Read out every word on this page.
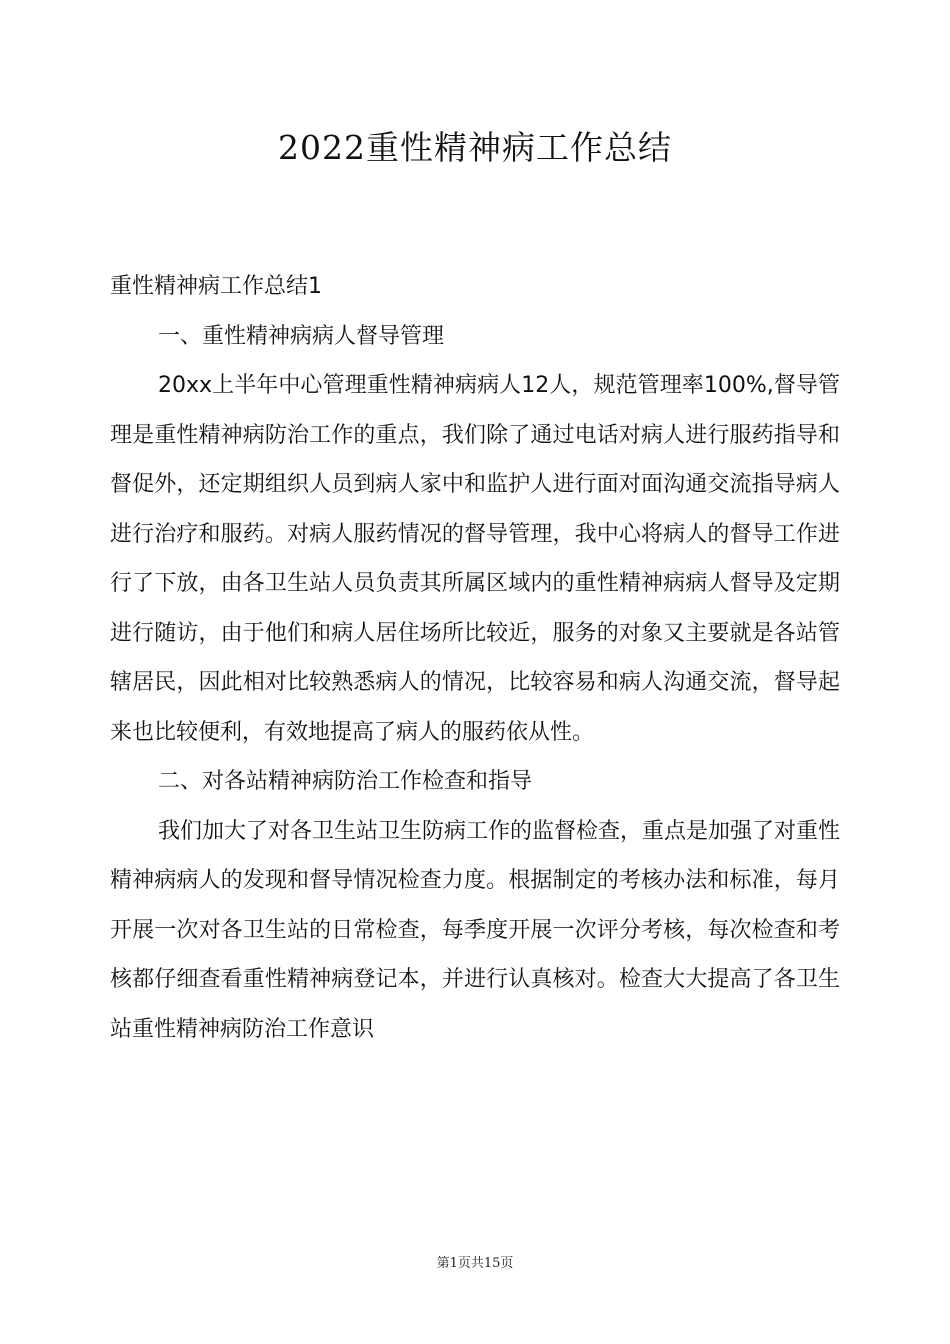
2022重性精神病工作总结

重性精神病工作总结1

一、重性精神病病人督导管理

20xx上半年中心管理重性精神病病人12人，规范管理率100%,督导管理是重性精神病防治工作的重点，我们除了通过电话对病人进行服药指导和督促外，还定期组织人员到病人家中和监护人进行面对面沟通交流指导病人进行治疗和服药。对病人服药情况的督导管理，我中心将病人的督导工作进行了下放，由各卫生站人员负责其所属区域内的重性精神病病人督导及定期进行随访，由于他们和病人居住场所比较近，服务的对象又主要就是各站管辖居民，因此相对比较熟悉病人的情况，比较容易和病人沟通交流，督导起来也比较便利，有效地提高了病人的服药依从性。

二、对各站精神病防治工作检查和指导

我们加大了对各卫生站卫生防病工作的监督检查，重点是加强了对重性精神病病人的发现和督导情况检查力度。根据制定的考核办法和标准，每月开展一次对各卫生站的日常检查，每季度开展一次评分考核，每次检查和考核都仔细查看重性精神病登记本，并进行认真核对。检查大大提高了各卫生站重性精神病防治工作意识

第1页共15页
